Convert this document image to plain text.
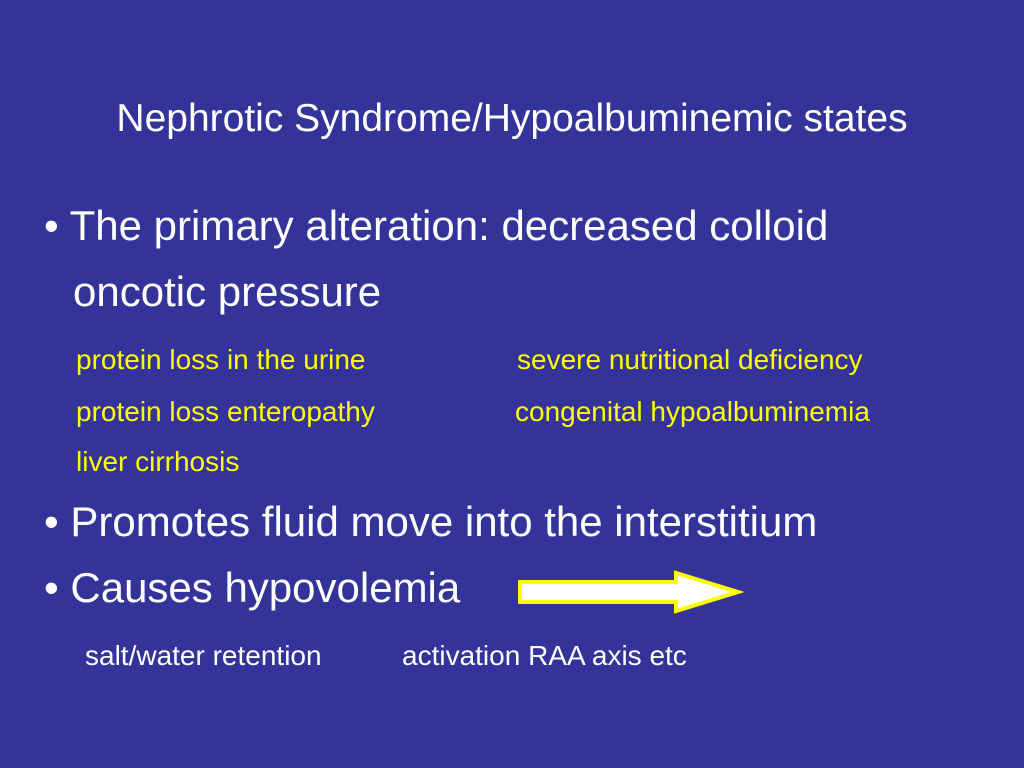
Nephrotic Syndrome/Hypoalbuminemic states
• The primary alteration: decreased colloid
oncotic pressure
protein loss in the urine	severe nutritional deficiency
protein loss enteropathy	congenital hypoalbuminemia
liver cirrhosis
• Promotes fluid move into the interstitium
• Causes hypovolemia
salt/water retention	activation RAA axis etc
